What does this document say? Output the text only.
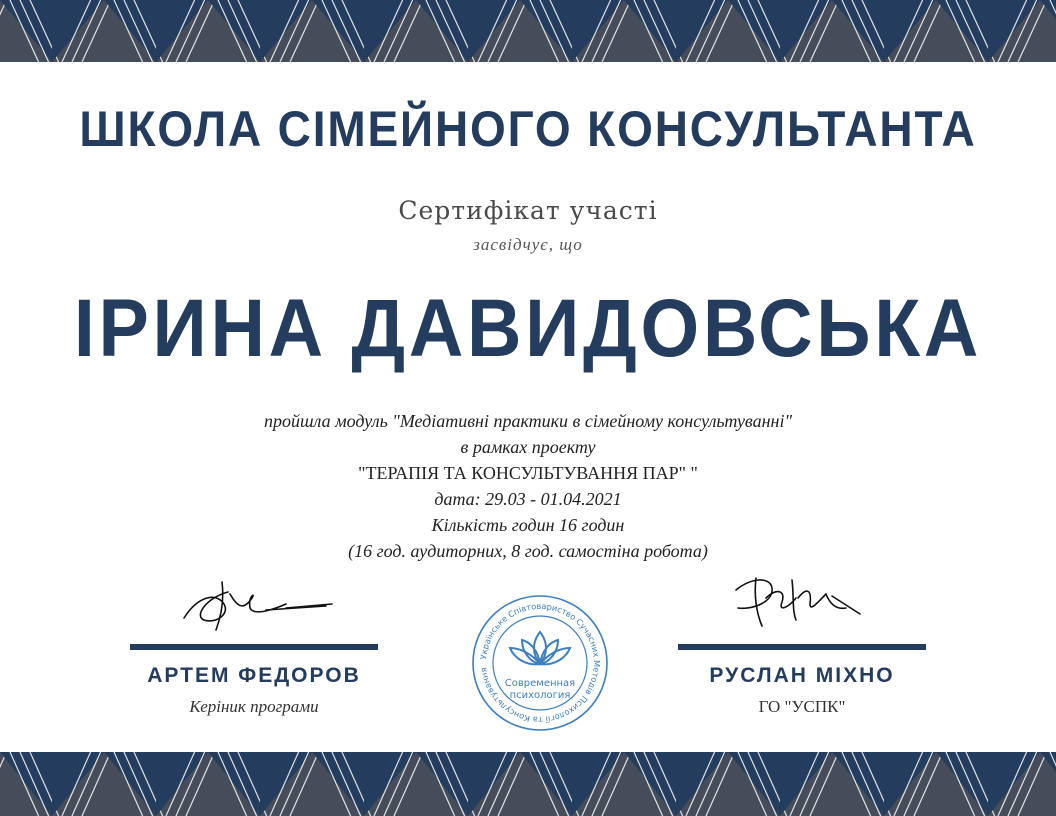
ШКОЛА СІМЕЙНОГО КОНСУЛЬТАНТА
Сертифікат участі
засвідчує, що
ІРИНА ДАВИДОВСЬКА
пройшла модуль "Медіативні практики в сімейному консультуванні"
в рамках проекту
"ТЕРАПІЯ ТА КОНСУЛЬТУВАННЯ ПАР" "
дата: 29.03 - 01.04.2021
Кількість годин 16 годин
(16 год. аудиторних, 8 год. самостіна робота)
АРТЕМ ФЕДОРОВ
Керіник програми
РУСЛАН МІХНО
ГО "УСПК"
Українське Співтовариство Сучасних Методів Психології та Консультування
Современная
психология
